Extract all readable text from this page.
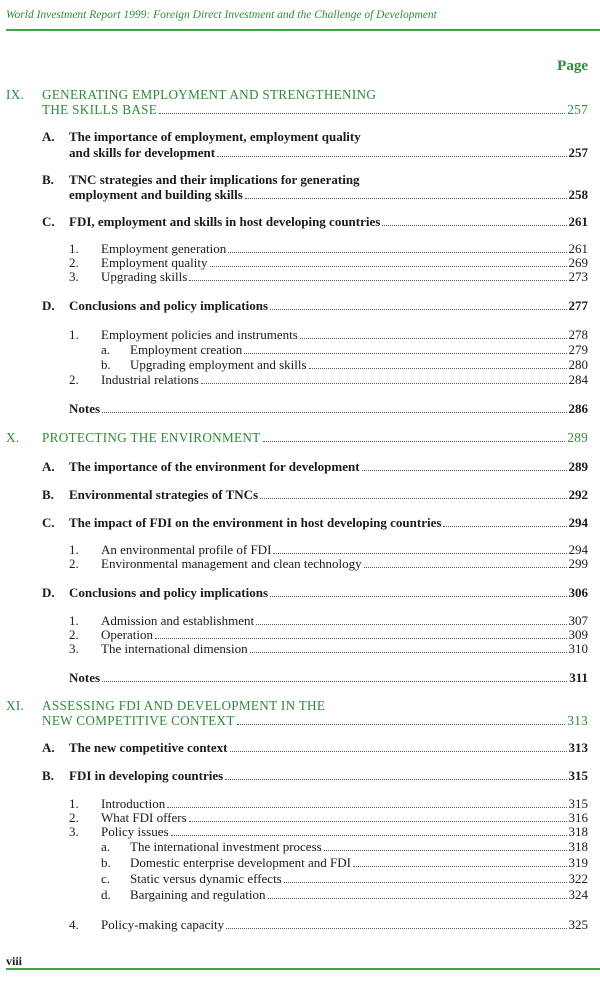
World Investment Report 1999: Foreign Direct Investment and the Challenge of Development
Page
IX. GENERATING EMPLOYMENT AND STRENGTHENING
THE SKILLS BASE	257
A. The importance of employment, employment quality
and skills for development	257
B. TNC strategies and their implications for generating
employment and building skills	258
C. FDI, employment and skills in host developing countries	261
1. Employment generation	261
2. Employment quality	269
3. Upgrading skills	273
D. Conclusions and policy implications	277
1. Employment policies and instruments	278
a. Employment creation	279
b. Upgrading employment and skills	280
2. Industrial relations	284
Notes	286
X. PROTECTING THE ENVIRONMENT	289
A. The importance of the environment for development	289
B. Environmental strategies of TNCs	292
C. The impact of FDI on the environment in host developing countries	294
1. An environmental profile of FDI	294
2. Environmental management and clean technology	299
D. Conclusions and policy implications	306
1. Admission and establishment	307
2. Operation	309
3. The international dimension	310
Notes	311
XI. ASSESSING FDI AND DEVELOPMENT IN THE
NEW COMPETITIVE CONTEXT	313
A. The new competitive context	313
B. FDI in developing countries	315
1. Introduction	315
2. What FDI offers	316
3. Policy issues	318
a. The international investment process	318
b. Domestic enterprise development and FDI	319
c. Static versus dynamic effects	322
d. Bargaining and regulation	324
4. Policy-making capacity	325
viii
